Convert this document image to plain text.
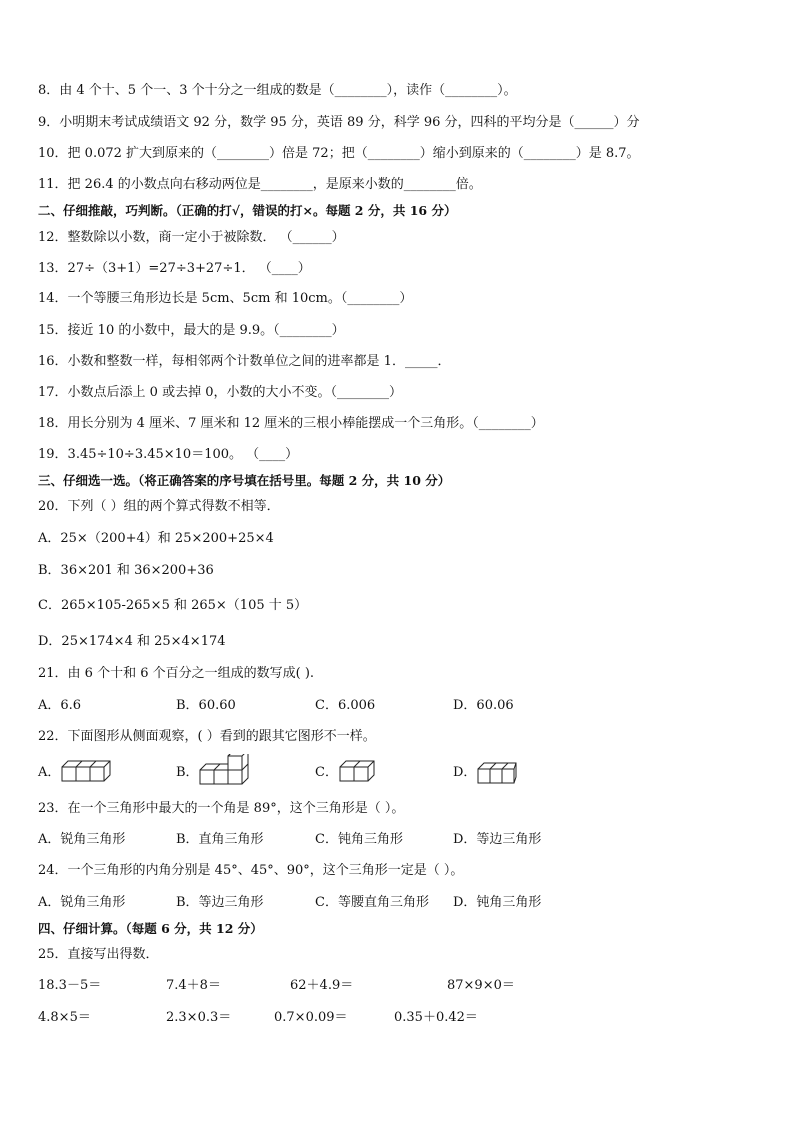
8．由 4 个十、5 个一、3 个十分之一组成的数是（________），读作（________）。
9．小明期末考试成绩语文 92 分，数学 95 分，英语 89 分，科学 96 分，四科的平均分是（______）分
10．把 0.072 扩大到原来的（________）倍是 72；把（________）缩小到原来的（________）是 8.7。
11．把 26.4 的小数点向右移动两位是________，是原来小数的________倍。
二、仔细推敲，巧判断。（正确的打√，错误的打×。每题 2 分，共 16 分）
12．整数除以小数，商一定小于被除数． （______）
13．27÷（3+1）=27÷3+27÷1． （____）
14．一个等腰三角形边长是 5cm、5cm 和 10cm。（________）
15．接近 10 的小数中，最大的是 9.9。（________）
16．小数和整数一样，每相邻两个计数单位之间的进率都是 1．_____．
17．小数点后添上 0 或去掉 0，小数的大小不变。（________）
18．用长分别为 4 厘米、7 厘米和 12 厘米的三根小棒能摆成一个三角形。（________）
19．3.45÷10÷3.45×10＝100。 （____）
三、仔细选一选。（将正确答案的序号填在括号里。每题 2 分，共 10 分）
20．下列（ ）组的两个算式得数不相等．
A．25×（200+4）和 25×200+25×4
B．36×201 和 36×200+36
C．265×105-265×5 和 265×（105 十 5）
D．25×174×4 和 25×4×174
21．由 6 个十和 6 个百分之一组成的数写成( ).
A．6.6	B．60.60	C．6.006	D．60.06
22．下面图形从侧面观察，( ）看到的跟其它图形不一样。
A．	B．	C．	D．
23．在一个三角形中最大的一个角是 89°，这个三角形是（ ）。
A．锐角三角形	B．直角三角形	C．钝角三角形	D．等边三角形
24．一个三角形的内角分别是 45°、45°、90°，这个三角形一定是（ ）。
A．锐角三角形	B．等边三角形	C．等腰直角三角形 D．钝角三角形
四、仔细计算。（每题 6 分，共 12 分）
25．直接写出得数．
18.3－5＝	7.4＋8＝	62＋4.9＝	87×9×0＝
4.8×5＝	2.3×0.3＝	0.7×0.09＝	0.35＋0.42＝
